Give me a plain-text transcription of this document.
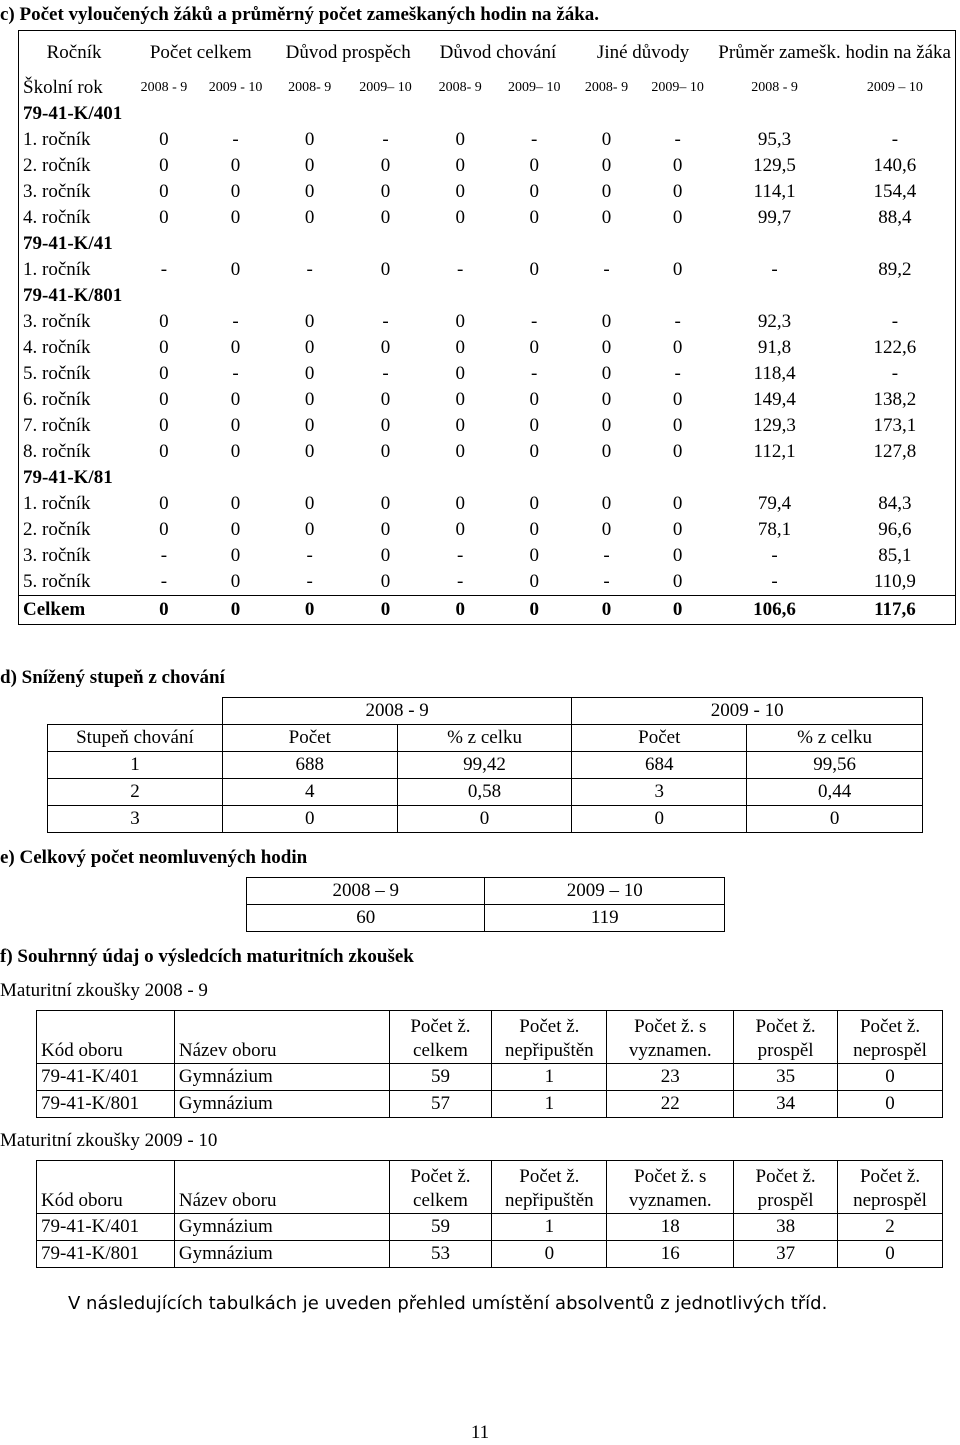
c) Počet vyloučených žáků a průměrný počet zameškaných hodin na žáka.
Ročník	Počet celkem		Důvod prospěch		Důvod chování		Jiné důvody		Průměr zamešk. hodin na žáka	
Školní rok	2008 - 9	2009 - 10	2008- 9	2009– 10	2008- 9	2009– 10	2008- 9	2009– 10	2008 - 9	2009 – 10
79-41-K/401										
1. ročník	0	-	0	-	0	-	0	-	95,3	-
2. ročník	0	0	0	0	0	0	0	0	129,5	140,6
3. ročník	0	0	0	0	0	0	0	0	114,1	154,4
4. ročník	0	0	0	0	0	0	0	0	99,7	88,4
79-41-K/41										
1. ročník	-	0	-	0	-	0	-	0	-	89,2
79-41-K/801										
3. ročník	0	-	0	-	0	-	0	-	92,3	-
4. ročník	0	0	0	0	0	0	0	0	91,8	122,6
5. ročník	0	-	0	-	0	-	0	-	118,4	-
6. ročník	0	0	0	0	0	0	0	0	149,4	138,2
7. ročník	0	0	0	0	0	0	0	0	129,3	173,1
8. ročník	0	0	0	0	0	0	0	0	112,1	127,8
79-41-K/81										
1. ročník	0	0	0	0	0	0	0	0	79,4	84,3
2. ročník	0	0	0	0	0	0	0	0	78,1	96,6
3. ročník	-	0	-	0	-	0	-	0	-	85,1
5. ročník	-	0	-	0	-	0	-	0	-	110,9
Celkem	0	0	0	0	0	0	0	0	106,6	117,6
d) Snížený stupeň z chování
	2008 - 9		2009 - 10	
Stupeň chování	Počet	% z celku	Počet	% z celku
1	688	99,42	684	99,56
2	4	0,58	3	0,44
3	0	0	0	0
e) Celkový počet neomluvených hodin
2008 – 9	2009 – 10
60	119
f) Souhrnný údaj o výsledcích maturitních zkoušek
Maturitní zkoušky 2008 - 9
Kód oboru	Název oboru	Počet ž. celkem	Počet ž. nepřipuštěn	Počet ž. s vyznamen.	Počet ž. prospěl	Počet ž. neprospěl
79-41-K/401	Gymnázium	59	1	23	35	0
79-41-K/801	Gymnázium	57	1	22	34	0
Maturitní zkoušky 2009 - 10
Kód oboru	Název oboru	Počet ž. celkem	Počet ž. nepřipuštěn	Počet ž. s vyznamen.	Počet ž. prospěl	Počet ž. neprospěl
79-41-K/401	Gymnázium	59	1	18	38	2
79-41-K/801	Gymnázium	53	0	16	37	0
V následujících tabulkách je uveden přehled umístění absolventů z jednotlivých tříd.
11
